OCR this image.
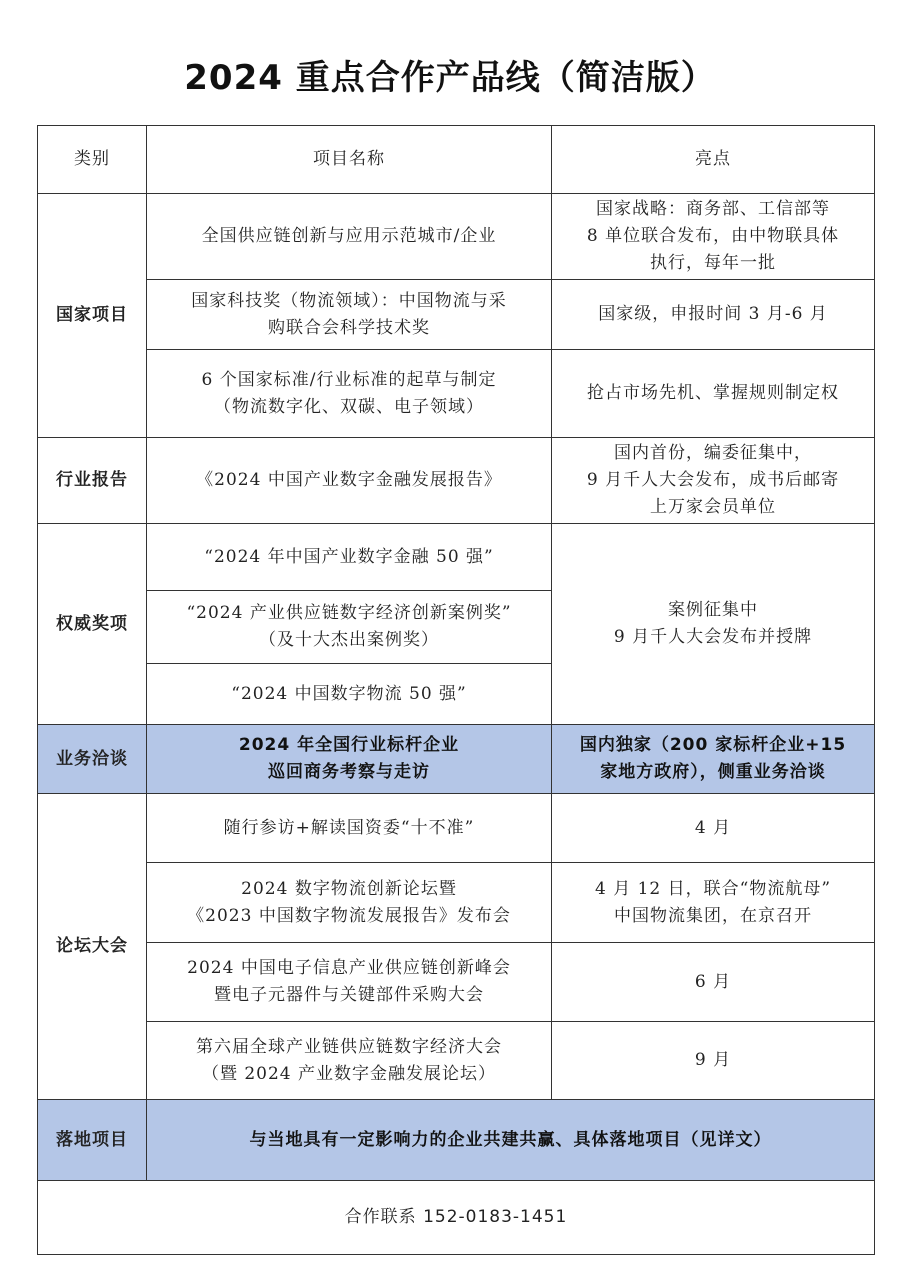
2024 重点合作产品线（简洁版）
类别	项目名称	亮点
国家项目	全国供应链创新与应用示范城市/企业	国家战略：商务部、工信部等
8 单位联合发布，由中物联具体
执行，每年一批

	国家科技奖（物流领域）：中国物流与采
购联合会科学技术奖	国家级，申报时间 3 月-6 月

	6 个国家标准/行业标准的起草与制定
（物流数字化、双碳、电子领域）	抢占市场先机、掌握规则制定权

行业报告	《2024 中国产业数字金融发展报告》	国内首份，编委征集中，
9 月千人大会发布，成书后邮寄
上万家会员单位

权威奖项	“2024 年中国产业数字金融 50 强”	案例征集中
9 月千人大会发布并授牌

	“2024 产业供应链数字经济创新案例奖”
（及十大杰出案例奖）	

	“2024 中国数字物流 50 强”	

业务洽谈	2024 年全国行业标杆企业
巡回商务考察与走访	国内独家（200 家标杆企业+15
家地方政府），侧重业务洽谈

论坛大会	随行参访+解读国资委“十不准”	4 月

	2024 数字物流创新论坛暨
《2023 中国数字物流发展报告》发布会	4 月 12 日，联合“物流航母”
中国物流集团，在京召开

	2024 中国电子信息产业供应链创新峰会
暨电子元器件与关键部件采购大会	6 月

	第六届全球产业链供应链数字经济大会
（暨 2024 产业数字金融发展论坛）	9 月

落地项目	与当地具有一定影响力的企业共建共赢、具体落地项目（见详文）	
合作联系 152-0183-1451		
